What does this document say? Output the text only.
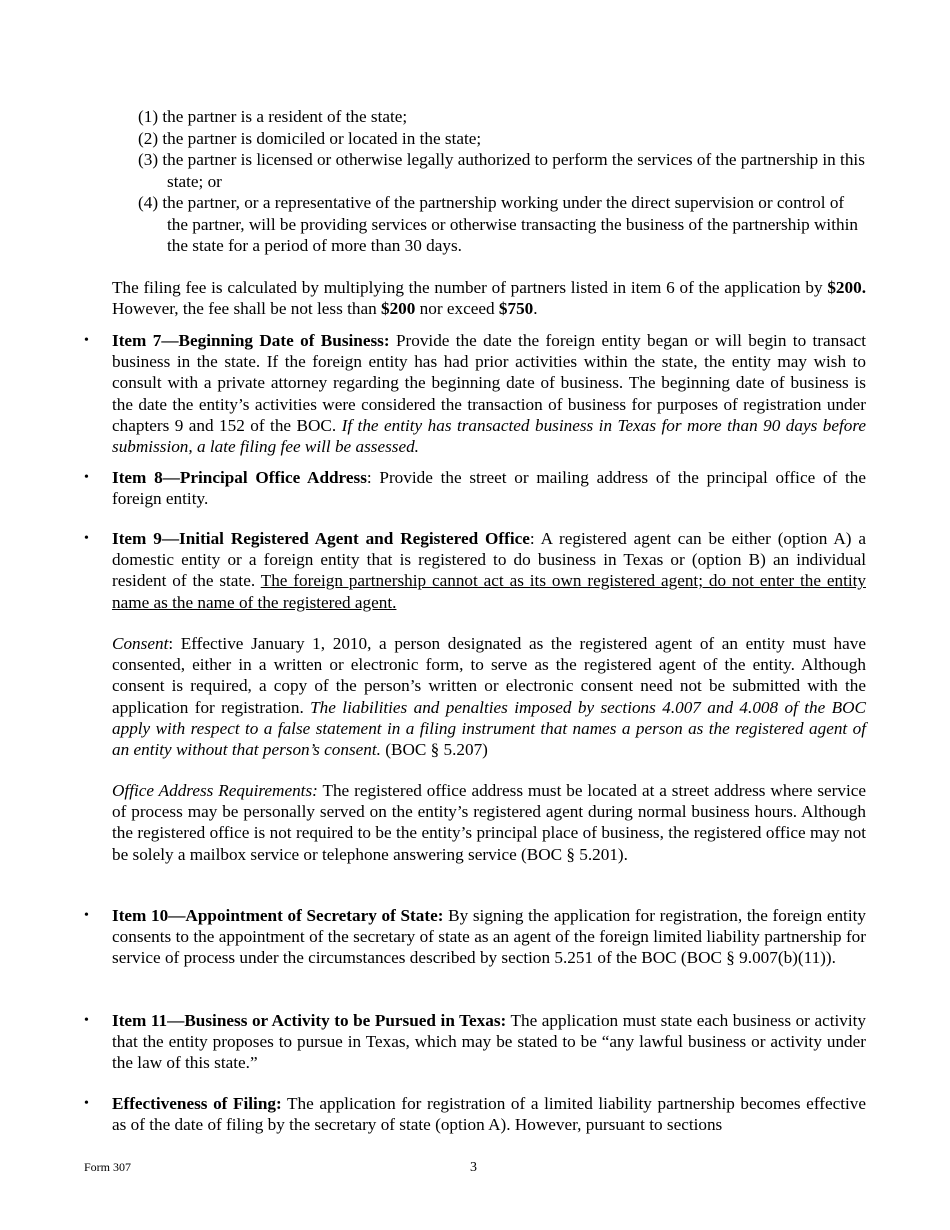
(1) the partner is a resident of the state;
(2) the partner is domiciled or located in the state;
(3) the partner is licensed or otherwise legally authorized to perform the services of the partnership in this state; or
(4) the partner, or a representative of the partnership working under the direct supervision or control of the partner, will be providing services or otherwise transacting the business of the partnership within the state for a period of more than 30 days.

The filing fee is calculated by multiplying the number of partners listed in item 6 of the application by $200. However, the fee shall be not less than $200 nor exceed $750.

• Item 7—Beginning Date of Business: Provide the date the foreign entity began or will begin to transact business in the state. If the foreign entity has had prior activities within the state, the entity may wish to consult with a private attorney regarding the beginning date of business. The beginning date of business is the date the entity’s activities were considered the transaction of business for purposes of registration under chapters 9 and 152 of the BOC. If the entity has transacted business in Texas for more than 90 days before submission, a late filing fee will be assessed.

• Item 8—Principal Office Address: Provide the street or mailing address of the principal office of the foreign entity.

• Item 9—Initial Registered Agent and Registered Office: A registered agent can be either (option A) a domestic entity or a foreign entity that is registered to do business in Texas or (option B) an individual resident of the state. The foreign partnership cannot act as its own registered agent; do not enter the entity name as the name of the registered agent.

Consent: Effective January 1, 2010, a person designated as the registered agent of an entity must have consented, either in a written or electronic form, to serve as the registered agent of the entity. Although consent is required, a copy of the person’s written or electronic consent need not be submitted with the application for registration. The liabilities and penalties imposed by sections 4.007 and 4.008 of the BOC apply with respect to a false statement in a filing instrument that names a person as the registered agent of an entity without that person’s consent. (BOC § 5.207)

Office Address Requirements: The registered office address must be located at a street address where service of process may be personally served on the entity’s registered agent during normal business hours. Although the registered office is not required to be the entity’s principal place of business, the registered office may not be solely a mailbox service or telephone answering service (BOC § 5.201).

• Item 10—Appointment of Secretary of State: By signing the application for registration, the foreign entity consents to the appointment of the secretary of state as an agent of the foreign limited liability partnership for service of process under the circumstances described by section 5.251 of the BOC (BOC § 9.007(b)(11)).

• Item 11—Business or Activity to be Pursued in Texas: The application must state each business or activity that the entity proposes to pursue in Texas, which may be stated to be “any lawful business or activity under the law of this state.”

• Effectiveness of Filing: The application for registration of a limited liability partnership becomes effective as of the date of filing by the secretary of state (option A). However, pursuant to sections

Form 307	3
